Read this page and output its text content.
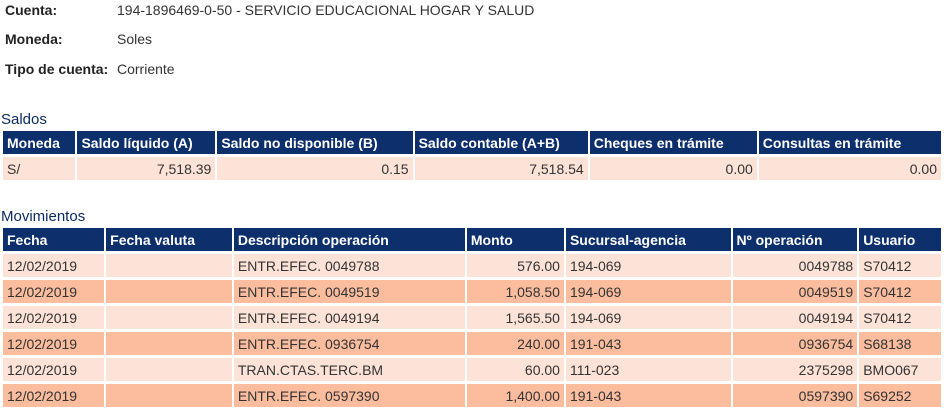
Cuenta:	194-1896469-0-50 - SERVICIO EDUCACIONAL HOGAR Y SALUD
Moneda:	Soles
Tipo de cuenta: Corriente
Saldos
Moneda	Saldo líquido (A)	Saldo no disponible (B)	Saldo contable (A+B)	Cheques en trámite	Consultas en trámite
S/	7,518.39	0.15	7,518.54	0.00	0.00
Movimientos
Fecha	Fecha valuta	Descripción operación	Monto	Sucursal-agencia	Nº operación	Usuario
12/02/2019		ENTR.EFEC. 0049788	576.00	194-069	0049788	S70412
12/02/2019		ENTR.EFEC. 0049519	1,058.50	194-069	0049519	S70412
12/02/2019		ENTR.EFEC. 0049194	1,565.50	194-069	0049194	S70412
12/02/2019		ENTR.EFEC. 0936754	240.00	191-043	0936754	S68138
12/02/2019		TRAN.CTAS.TERC.BM	60.00	111-023	2375298	BMO067
12/02/2019		ENTR.EFEC. 0597390	1,400.00	191-043	0597390	S69252
